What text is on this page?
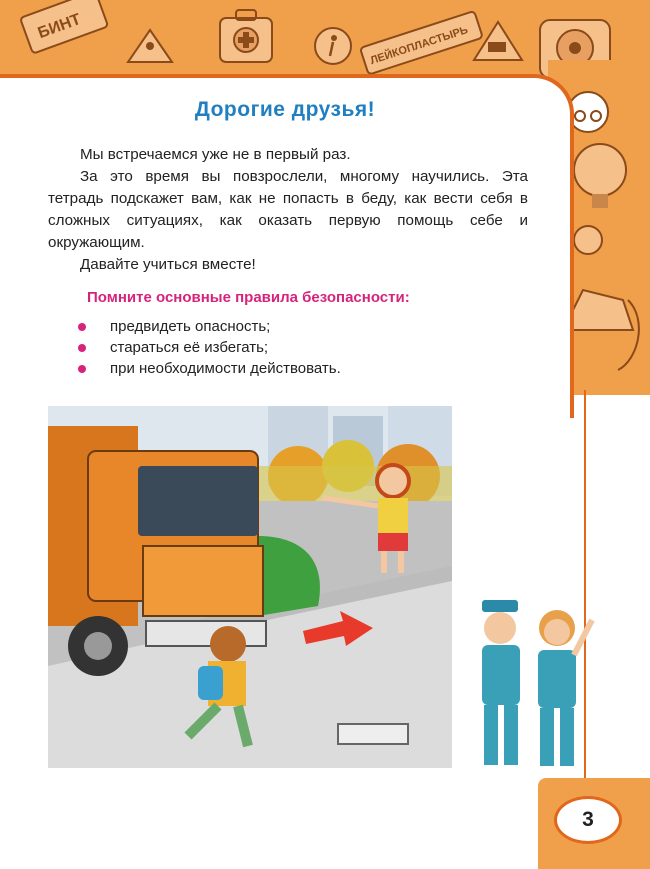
БИНТ	ЛЕЙКОПЛАСТЫРЬ
Дорогие друзья!

Мы встречаемся уже не в первый раз.

За это время вы повзрослели, многому научились. Эта тетрадь подскажет вам, как не попасть в беду, как вести себя в сложных ситуациях, как оказать первую помощь себе и окружающим.

Давайте учиться вместе!

Помните основные правила безопасности:
предвидеть опасность;
стараться её избегать;
при необходимости действовать.
3
